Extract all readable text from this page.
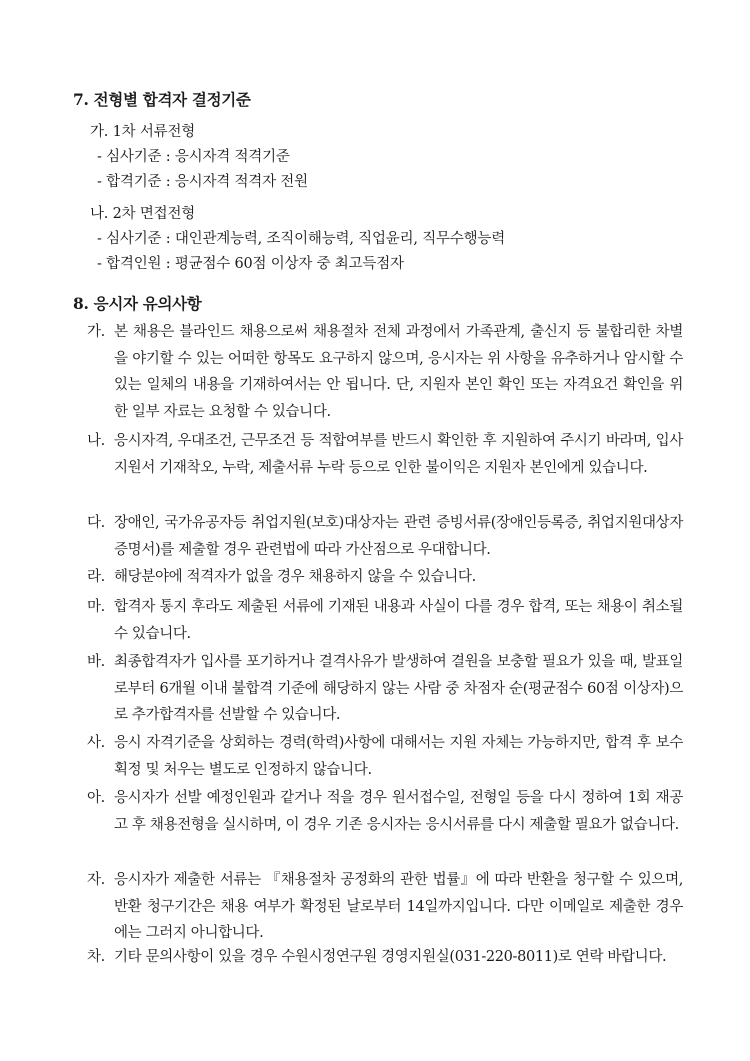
7. 전형별 합격자 결정기준
가. 1차 서류전형
- 심사기준 : 응시자격 적격기준
- 합격기준 : 응시자격 적격자 전원
나. 2차 면접전형
- 심사기준 : 대인관계능력, 조직이해능력, 직업윤리, 직무수행능력
- 합격인원 : 평균점수 60점 이상자 중 최고득점자
8. 응시자 유의사항
가. 본 채용은 블라인드 채용으로써 채용절차 전체 과정에서 가족관계, 출신지 등 불합리한 차별을 야기할 수 있는 어떠한 항목도 요구하지 않으며, 응시자는 위 사항을 유추하거나 암시할 수 있는 일체의 내용을 기재하여서는 안 됩니다. 단, 지원자 본인 확인 또는 자격요건 확인을 위한 일부 자료는 요청할 수 있습니다.
나. 응시자격, 우대조건, 근무조건 등 적합여부를 반드시 확인한 후 지원하여 주시기 바라며, 입사지원서 기재착오, 누락, 제출서류 누락 등으로 인한 불이익은 지원자 본인에게 있습니다.
다. 장애인, 국가유공자등 취업지원(보호)대상자는 관련 증빙서류(장애인등록증, 취업지원대상자 증명서)를 제출할 경우 관련법에 따라 가산점으로 우대합니다.
라. 해당분야에 적격자가 없을 경우 채용하지 않을 수 있습니다.
마. 합격자 통지 후라도 제출된 서류에 기재된 내용과 사실이 다를 경우 합격, 또는 채용이 취소될 수 있습니다.
바. 최종합격자가 입사를 포기하거나 결격사유가 발생하여 결원을 보충할 필요가 있을 때, 발표일로부터 6개월 이내 불합격 기준에 해당하지 않는 사람 중 차점자 순(평균점수 60점 이상자)으로 추가합격자를 선발할 수 있습니다.
사. 응시 자격기준을 상회하는 경력(학력)사항에 대해서는 지원 자체는 가능하지만, 합격 후 보수획정 및 처우는 별도로 인정하지 않습니다.
아. 응시자가 선발 예정인원과 같거나 적을 경우 원서접수일, 전형일 등을 다시 정하여 1회 재공고 후 채용전형을 실시하며, 이 경우 기존 응시자는 응시서류를 다시 제출할 필요가 없습니다.
자. 응시자가 제출한 서류는 『채용절차 공정화의 관한 법률』에 따라 반환을 청구할 수 있으며, 반환 청구기간은 채용 여부가 확정된 날로부터 14일까지입니다. 다만 이메일로 제출한 경우에는 그러지 아니합니다.
차. 기타 문의사항이 있을 경우 수원시정연구원 경영지원실(031-220-8011)로 연락 바랍니다.
